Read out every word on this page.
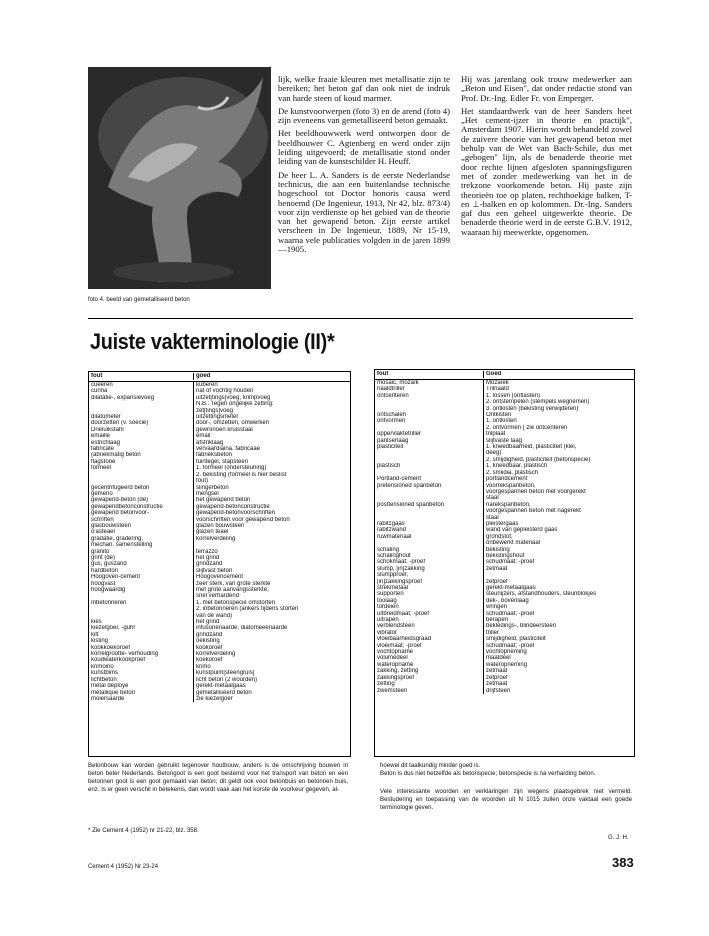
foto 4. beeld van gemetalliseerd beton

lijk, welke fraaie kleuren met metallisatie zijn te bereiken; het beton gaf dan ook niet de indruk van harde steen of koud marmer.

De kunstvoorwerpen (foto 3) en de arend (foto 4) zijn eveneens van gemetalliseerd beton gemaakt.

Het beeldhouwwerk werd ontworpen door de beeldhouwer C. Agtenberg en werd onder zijn leiding uitgevoerd; de metallisatie stond onder leiding van de kunstschilder H. Heuff.

De heer L. A. Sanders is de eerste Nederlandse technicus, die aan een buitenlandse technische hogeschool tot Doctor honoris causa werd benoemd (De Ingenieur, 1913, Nr 42, blz. 873/4) voor zijn verdienste op het gebied van de theorie van het gewapend beton. Zijn eerste artikel verscheen in De Ingenieur, 1889, Nr 15-19, waarna vele publicaties volgden in de jaren 1899—1905.

Hij was jarenlang ook trouw medewerker aan „Beton und Eisen", dat onder redactie stond van Prof. Dr.-Ing. Edler Fr. von Emperger.

Het standaardwerk van de heer Sanders heet „Het cement-ijzer in theorie en practijk", Amsterdam 1907. Hierin wordt behandeld zowel de zuivere theorie van het gewapend beton met behulp van de Wet van Bach-Schile, dus met „gebogen" lijn, als de benaderde theorie met door rechte lijnen afgesloten spanningsfiguren met of zonder medewerking van het in de trekzone voorkomende beton. Hij paste zijn theorieën toe op platen, rechthoekige balken, T- en ⊥-balken en op kolommen. Dr.-Ing. Sanders gaf dus een geheel uitgewerkte theorie. De benaderde theorie werd in de eerste G.B.V. 1912, waaraan hij meewerkte, opgenomen.

Juiste vakterminologie (II)*
fout	goed
cueeren	kuberen
curina	nat of vochtig houden
dilatatie-, expansievoeg	uitzet[tings]voeg, krimpvoeg
N.B.: Tegen ongelijke zetting:
zet[tings]voeg
dilatometer	uitzettingsmeter
doorzetten (v. soecie)	door-, omzetten, omwerken
Drieluikstahl	gewronoen kruisstaal
emaille	email
estrichlaag	afstriklaag
fabricate	vervaardiaina. fabricaae
(abriekmatig beton	fabrieksbeton
flagstone	tuintegel, stapsteen
formeel	1. formeel (ondersteuning)
2. bekisting (formeel is hier beslist
fout)
gecentrifugeerd beton	slingerbeton
gemeno	mengsel
gewapend-beton (de)	het gewapend beton
gewapendbetonconstructie	gewapend-betonconstructie
gewapend betonvoor-	gewapend-betonvoorschriften
schriften	voorschriften voor gewapend beton
glasbouwsteen	glazen bouwsteen
o'asteael	glazen teael
gradatie, gradering,	korrelverdeling
mechan. samenstelling
granito	terrazzo
grint (de)	het grind
gus, guszand	grindzand
hardbeton	slijtvast beton
Hoogoven-cement	Hoogovencement
hoogvast	zeer sterk, van grote sterkte
hoogwaardig	met grote aanvangssterkte,
snel verhardend
Inbetonneren	1. met betonspecie omstorten
2. inbetonneren (ankers tijdens storten
van de wand)
kies	het grind
kiezelgoer, -guhr	infusoriënaarde, diatomeeënaarde
kilt	grindzand
kisting	oekisting
kookkoekoroef	kookoroef
korrelgrootte- verhouding	korrelverdeling
koudwaterkookproef	koekoroef
krimoino	krimo
kunstbims	kunstpuim[steengruis]
lichtbeton	licht beton (2 woorden)
métal déployé	gerekt-metaalgaas
métallique beton	gemetalliseerd beton
moiersaarde	zie kiezelgoer
fout	Goed
mosaic, mozaïk	Mozaïek
naaldtriller	Trilnaald
ontcenteren	1. lossen (ontlasten)
2. ontstempelen (stempels wegnemen)
3. ontkisten (bekisting verwijderen)
ontschalen	Ontkisten
ontvormen	1. ontkisten
2. ontvormen { zie ontcenteren
oppervlaktetriller	trilplaat
pantserlaag	slijtvaste laag
plasticiteit	1. kneedbaarheid, plasticiteit (klei,
deeg)
2. smijdigheid, plasticiteit (betonspecie)
plastisch	1. kneedbaar, plastisch
2. smiidia. plastisch
Portland-cement	portlandcement
pretensioned spanbeton	voorrekspanbeton,
voorgespannen beton met voorgerekt
staal
posttensioned spanbeton	narekspanbeton,
voorgespannen beton met nagerekt
staal
rabitzgaas	pleistergaas
rabitzwand	wand van gepleisterd gaas
ruwmateriaal	grondstof,
onbewerkt materiaal
schaling	bekisting
schalinghout	bekistingshout
schokmaat: -proef	schudmaat: -proef
slump, [in]zakking	zetmaat
slumpproef,
[in]zakkingsproef	zetproef
strekmetaal	gerekt-metaalgaas
supporten	steunijzers, afstandhouders, steunblokjes
toolaag	dek-, bovenlaag
tordeien	wringen
uitbreidmaat; -proef	schudmaat; -proef
uitrapen	berapen
verblendsteen	bekledings-, blindeersteen
vibrator	triller
vloeibaarheidsgraad	smijdigheid, plasticiteit
vloeimaat; -proef	schudmaat; -proef
vochtopname	vochtopneming
volumedeel	maatdeel
wateropname	wateropneming
zakking, zetting	zetmaat
zakkingsproef	zetproef
zetting	zetmaat
zwemsteen	drijfsteen
Betonbouw kan worden gebruikt tegenover houtbouw, anders is de omschrijving bouwen in beton beter Nederlands. Betongoot is een goot bestemd voor het transport van beton en een betonnen goot is een goot gemaakt van beton; dit geldt ook voor betonbuis en betonnen buis, enz. Is er geen verschil in betekenis, dan wordt vaak aan het korste de voorkeur gegeven, al-
hoewel dit taalkundig minder goed is.
Beton is dus niet hetzelfde als betonspecie; betonspecie is na verharding beton.
Vele interessante woorden en verklaringen zijn wegens plaatsgebrek niet vermeld. Bestudering en toepassing van de woorden uit N 1015 zullen onze vaktaal een goede terminologie geven.
* Zie Cement 4 (1952) nr 21-22, blz. 358.
G. J. H.
Cement 4 (1952) Nr 23-24	383
